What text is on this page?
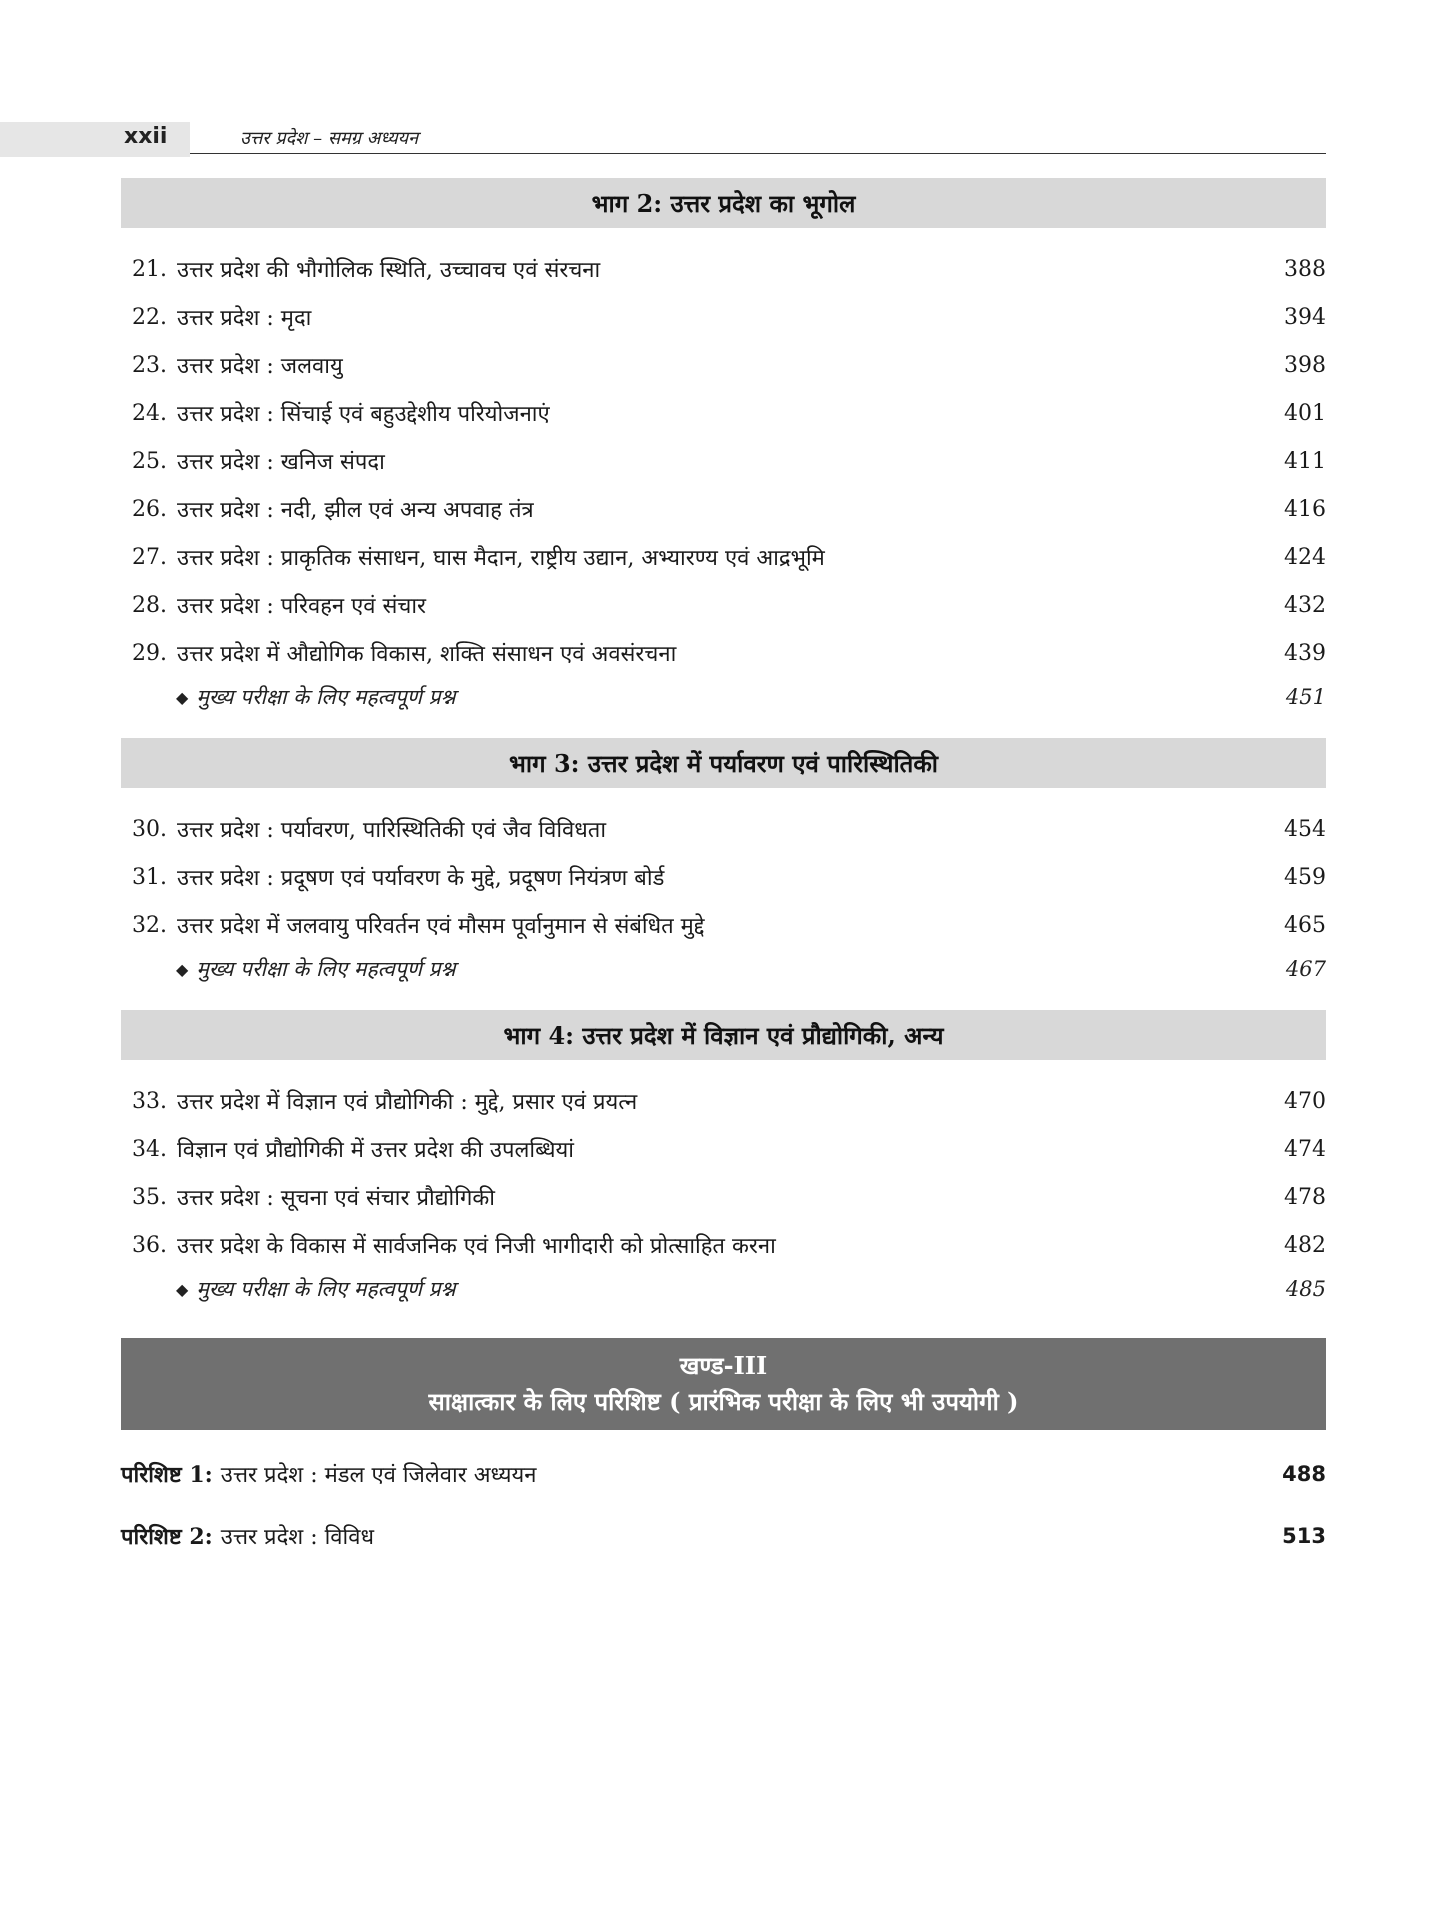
xxii	उत्तर प्रदेश – समग्र अध्ययन
भाग 2: उत्तर प्रदेश का भूगोल
21. उत्तर प्रदेश की भौगोलिक स्थिति, उच्चावच एवं संरचना	388
22. उत्तर प्रदेश : मृदा	394
23. उत्तर प्रदेश : जलवायु	398
24. उत्तर प्रदेश : सिंचाई एवं बहुउद्देशीय परियोजनाएं	401
25. उत्तर प्रदेश : खनिज संपदा	411
26. उत्तर प्रदेश : नदी, झील एवं अन्य अपवाह तंत्र	416
27. उत्तर प्रदेश : प्राकृतिक संसाधन, घास मैदान, राष्ट्रीय उद्यान, अभ्यारण्य एवं आद्रभूमि	424
28. उत्तर प्रदेश : परिवहन एवं संचार	432
29. उत्तर प्रदेश में औद्योगिक विकास, शक्ति संसाधन एवं अवसंरचना	439
◆ मुख्य परीक्षा के लिए महत्वपूर्ण प्रश्न	451
भाग 3: उत्तर प्रदेश में पर्यावरण एवं पारिस्थितिकी
30. उत्तर प्रदेश : पर्यावरण, पारिस्थितिकी एवं जैव विविधता	454
31. उत्तर प्रदेश : प्रदूषण एवं पर्यावरण के मुद्दे, प्रदूषण नियंत्रण बोर्ड	459
32. उत्तर प्रदेश में जलवायु परिवर्तन एवं मौसम पूर्वानुमान से संबंधित मुद्दे	465
◆ मुख्य परीक्षा के लिए महत्वपूर्ण प्रश्न	467
भाग 4: उत्तर प्रदेश में विज्ञान एवं प्रौद्योगिकी, अन्य
33. उत्तर प्रदेश में विज्ञान एवं प्रौद्योगिकी : मुद्दे, प्रसार एवं प्रयत्न	470
34. विज्ञान एवं प्रौद्योगिकी में उत्तर प्रदेश की उपलब्धियां	474
35. उत्तर प्रदेश : सूचना एवं संचार प्रौद्योगिकी	478
36. उत्तर प्रदेश के विकास में सार्वजनिक एवं निजी भागीदारी को प्रोत्साहित करना	482
◆ मुख्य परीक्षा के लिए महत्वपूर्ण प्रश्न	485
खण्ड-III
साक्षात्कार के लिए परिशिष्ट ( प्रारंभिक परीक्षा के लिए भी उपयोगी )
परिशिष्ट 1: उत्तर प्रदेश : मंडल एवं जिलेवार अध्ययन	488
परिशिष्ट 2: उत्तर प्रदेश : विविध	513
